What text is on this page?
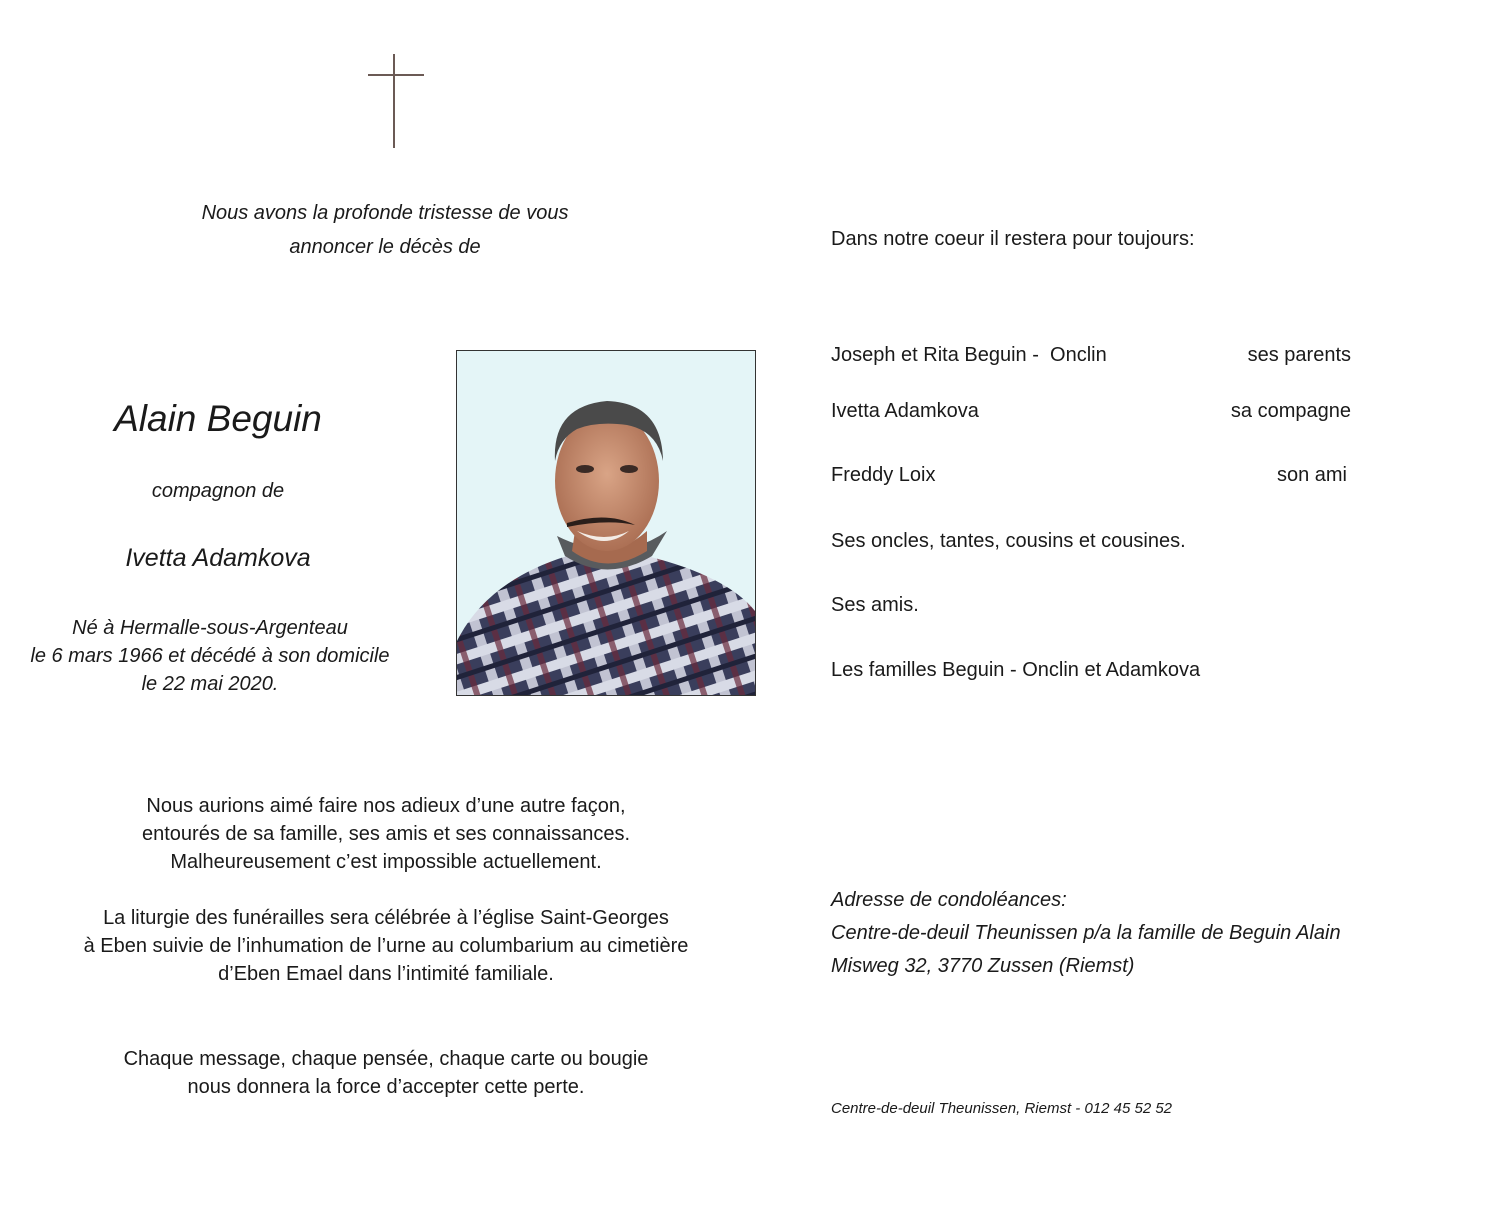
Nous avons la profonde tristesse de vous
annoncer le décès de
Alain Beguin
compagnon de
Ivetta Adamkova
Né à Hermalle-sous-Argenteau
le 6 mars 1966 et décédé à son domicile
le 22 mai 2020.
Nous aurions aimé faire nos adieux d’une autre façon,
entourés de sa famille, ses amis et ses connaissances.
Malheureusement c’est impossible actuellement.
La liturgie des funérailles sera célébrée à l’église Saint-Georges
à Eben suivie de l’inhumation de l’urne au columbarium au cimetière
d’Eben Emael dans l’intimité familiale.
Chaque message, chaque pensée, chaque carte ou bougie
nous donnera la force d’accepter cette perte.
Dans notre coeur il restera pour toujours:
Joseph et Rita Beguin -  Onclin	ses parents
Ivetta Adamkova	sa compagne
Freddy Loix	son ami
Ses oncles, tantes, cousins et cousines.
Ses amis.
Les familles Beguin - Onclin et Adamkova
Adresse de condoléances:
Centre-de-deuil Theunissen p/a la famille de Beguin Alain
Misweg 32, 3770 Zussen (Riemst)
Centre-de-deuil Theunissen, Riemst - 012 45 52 52
